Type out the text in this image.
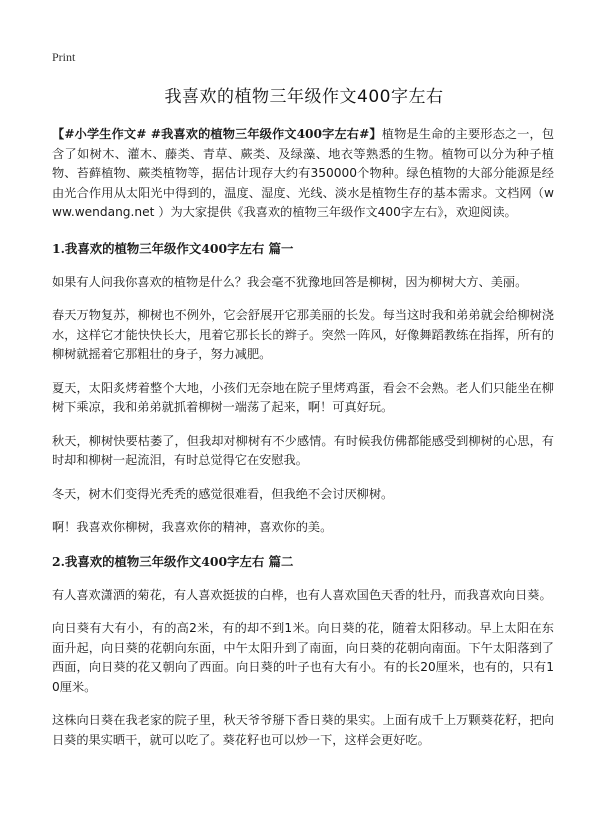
Print
我喜欢的植物三年级作文400字左右

【#小学生作文# #我喜欢的植物三年级作文400字左右#】植物是生命的主要形态之一，包含了如树木、灌木、藤类、青草、蕨类、及绿藻、地衣等熟悉的生物。植物可以分为种子植物、苔藓植物、蕨类植物等，据估计现存大约有350000个物种。绿色植物的大部分能源是经由光合作用从太阳光中得到的，温度、湿度、光线、淡水是植物生存的基本需求。文档网（www.wendang.net ）为大家提供《我喜欢的植物三年级作文400字左右》，欢迎阅读。

1.我喜欢的植物三年级作文400字左右 篇一

如果有人问我你喜欢的植物是什么？我会毫不犹豫地回答是柳树，因为柳树大方、美丽。

春天万物复苏，柳树也不例外，它会舒展开它那美丽的长发。每当这时我和弟弟就会给柳树浇水，这样它才能快快长大，甩着它那长长的辫子。突然一阵风，好像舞蹈教练在指挥，所有的柳树就摇着它那粗壮的身子，努力减肥。

夏天，太阳炙烤着整个大地，小孩们无奈地在院子里烤鸡蛋，看会不会熟。老人们只能坐在柳树下乘凉，我和弟弟就抓着柳树一端荡了起来，啊！可真好玩。

秋天，柳树快要枯萎了，但我却对柳树有不少感情。有时候我仿佛都能感受到柳树的心思，有时却和柳树一起流泪，有时总觉得它在安慰我。

冬天，树木们变得光秃秃的感觉很难看，但我绝不会讨厌柳树。

啊！我喜欢你柳树，我喜欢你的精神，喜欢你的美。

2.我喜欢的植物三年级作文400字左右 篇二

有人喜欢潇洒的菊花，有人喜欢挺拔的白桦，也有人喜欢国色天香的牡丹，而我喜欢向日葵。

向日葵有大有小，有的高2米，有的却不到1米。向日葵的花，随着太阳移动。早上太阳在东面升起，向日葵的花朝向东面，中午太阳升到了南面，向日葵的花朝向南面。下午太阳落到了西面，向日葵的花又朝向了西面。向日葵的叶子也有大有小。有的长20厘米，也有的，只有10厘米。

这株向日葵在我老家的院子里，秋天爷爷掰下香日葵的果实。上面有成千上万颗葵花籽，把向日葵的果实晒干，就可以吃了。葵花籽也可以炒一下，这样会更好吃。
